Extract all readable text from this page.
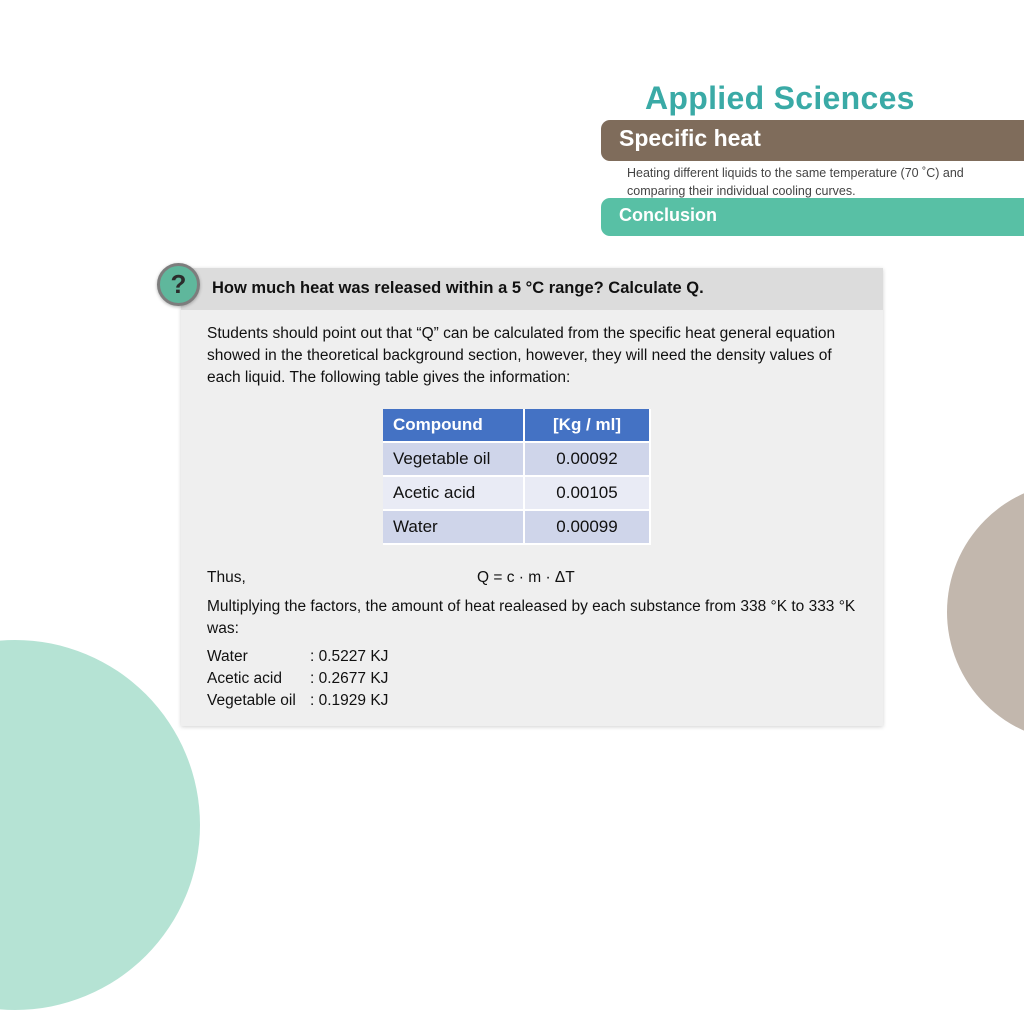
Applied Sciences
Specific heat
Heating different liquids to the same temperature (70 ˚C) and comparing their individual cooling curves.
Conclusion
?	How much heat was released within a 5 °C range? Calculate Q.
Students should point out that “Q” can be calculated from the specific heat general equation showed in the theoretical background section, however, they will need the density values of each liquid. The following table gives the information:
Compound	[Kg / ml]
Vegetable oil	0.00092
Acetic acid	0.00105
Water	0.00099
Thus,	Q = c · m · ΔT
Multiplying the factors, the amount of heat realeased by each substance from 338 °K to 333 °K was:
Water	: 0.5227 KJ
Acetic acid	: 0.2677 KJ
Vegetable oil : 0.1929 KJ
